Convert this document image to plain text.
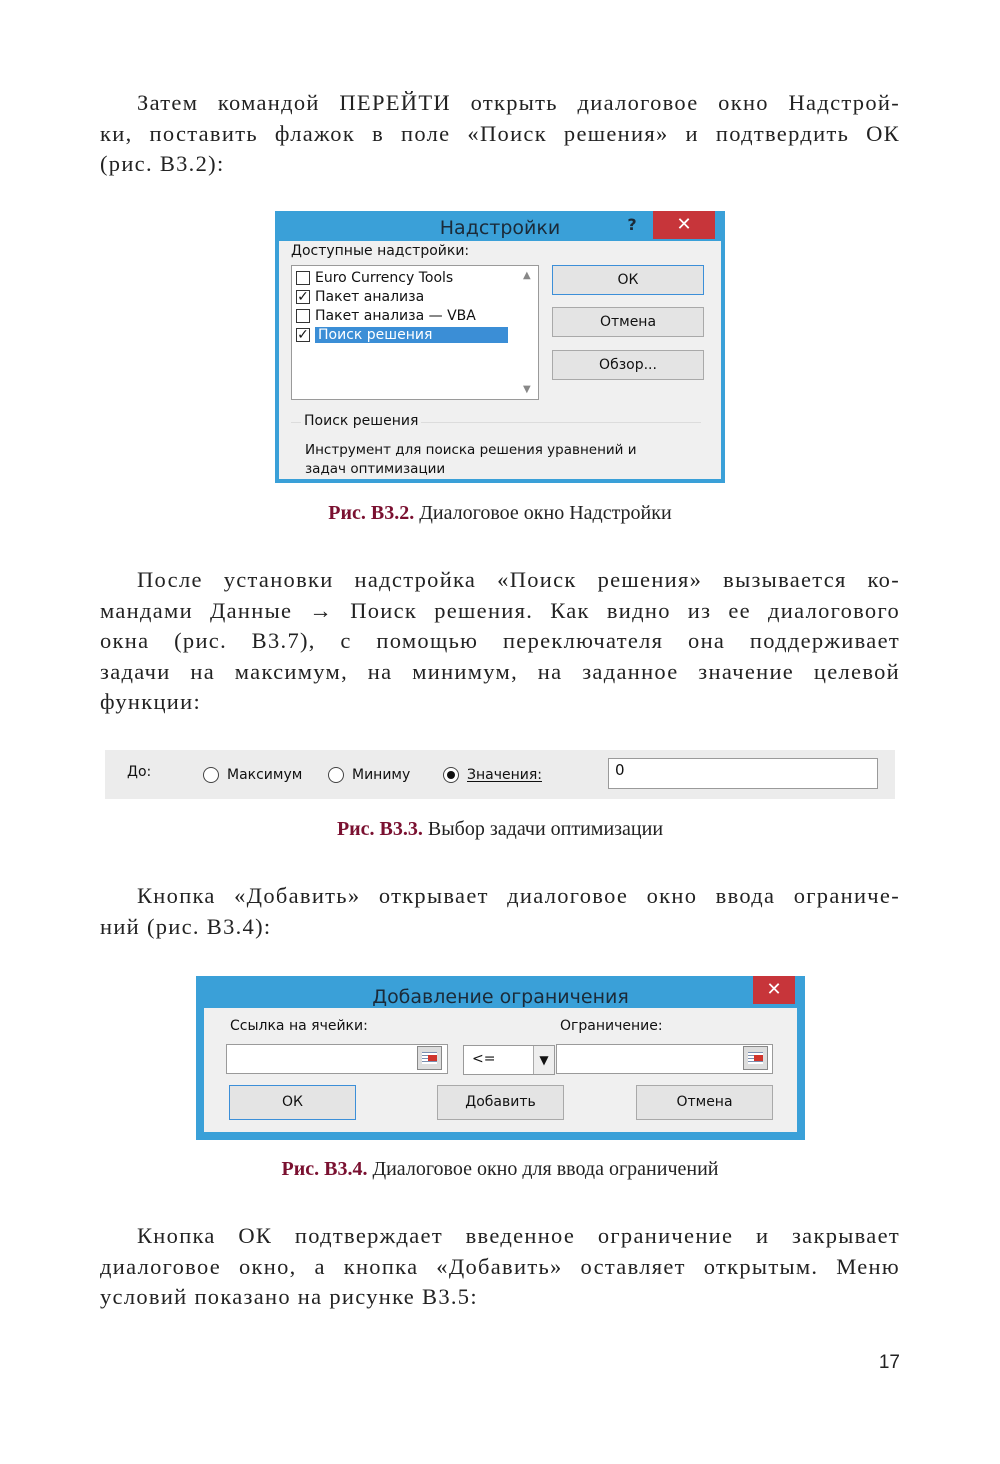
Затем командой ПЕРЕЙТИ открыть диалоговое окно Надстрой-
ки, поставить флажок в поле «Поиск решения» и подтвердить ОК
(рис. В3.2):

Надстройки	?	✕
Доступные надстройки:
Euro Currency Tools
✓ Пакет анализа
Пакет анализа — VBA
✓ Поиск решения
▲
▼
ОК
Отмена
Обзор...
Поиск решения
Инструмент для поиска решения уравнений и
задач оптимизации
Рис. В3.2. Диалоговое окно Надстройки

После установки надстройка «Поиск решения» вызывается ко-
мандами Данные → Поиск решения. Как видно из ее диалогового
окна (рис. В3.7), с помощью переключателя она поддерживает
задачи на максимум, на минимум, на заданное значение целевой
функции:

До:	Максимум	Миниму	Значения:	0
Рис. В3.3. Выбор задачи оптимизации

Кнопка «Добавить» открывает диалоговое окно ввода ограниче-
ний (рис. В3.4):

Добавление ограничения	✕
Ссылка на ячейки:	Ограничение:
<=	▼
ОК	Добавить	Отмена
Рис. В3.4. Диалоговое окно для ввода ограничений

Кнопка ОК подтверждает введенное ограничение и закрывает
диалоговое окно, а кнопка «Добавить» оставляет открытым. Меню
условий показано на рисунке В3.5:

17
